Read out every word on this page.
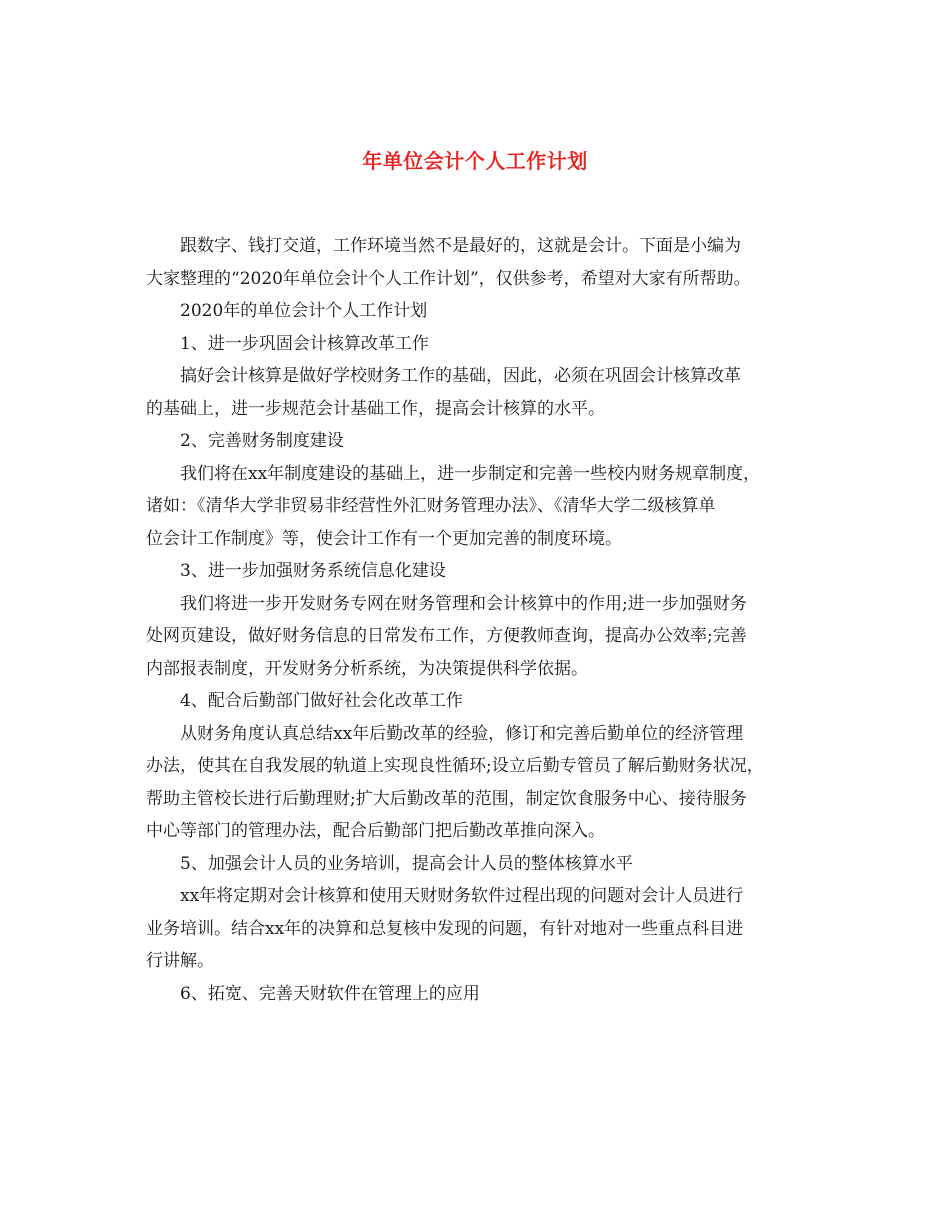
年单位会计个人工作计划
跟数字、钱打交道，工作环境当然不是最好的，这就是会计。下面是小编为
大家整理的“2020年单位会计个人工作计划”，仅供参考，希望对大家有所帮助。
2020年的单位会计个人工作计划
1、进一步巩固会计核算改革工作
搞好会计核算是做好学校财务工作的基础，因此，必须在巩固会计核算改革
的基础上，进一步规范会计基础工作，提高会计核算的水平。
2、完善财务制度建设
我们将在xx年制度建设的基础上，进一步制定和完善一些校内财务规章制度，
诸如：《清华大学非贸易非经营性外汇财务管理办法》、《清华大学二级核算单
位会计工作制度》等，使会计工作有一个更加完善的制度环境。
3、进一步加强财务系统信息化建设
我们将进一步开发财务专网在财务管理和会计核算中的作用;进一步加强财务
处网页建设，做好财务信息的日常发布工作，方便教师查询，提高办公效率;完善
内部报表制度，开发财务分析系统，为决策提供科学依据。
4、配合后勤部门做好社会化改革工作
从财务角度认真总结xx年后勤改革的经验，修订和完善后勤单位的经济管理
办法，使其在自我发展的轨道上实现良性循环;设立后勤专管员了解后勤财务状况，
帮助主管校长进行后勤理财;扩大后勤改革的范围，制定饮食服务中心、接待服务
中心等部门的管理办法，配合后勤部门把后勤改革推向深入。
5、加强会计人员的业务培训，提高会计人员的整体核算水平
xx年将定期对会计核算和使用天财财务软件过程出现的问题对会计人员进行
业务培训。结合xx年的决算和总复核中发现的问题，有针对地对一些重点科目进
行讲解。
6、拓宽、完善天财软件在管理上的应用
